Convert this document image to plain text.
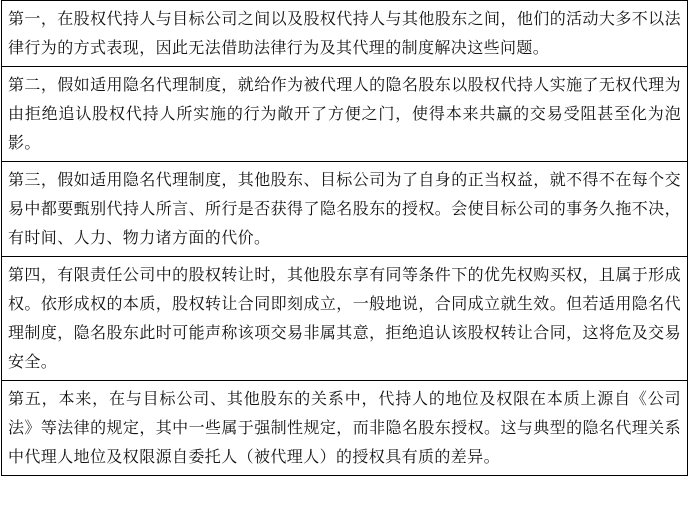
第一，在股权代持人与目标公司之间以及股权代持人与其他股东之间，他们的活动大多不以法律行为的方式表现，因此无法借助法律行为及其代理的制度解决这些问题。

第二，假如适用隐名代理制度，就给作为被代理人的隐名股东以股权代持人实施了无权代理为由拒绝追认股权代持人所实施的行为敞开了方便之门，使得本来共赢的交易受阻甚至化为泡影。

第三，假如适用隐名代理制度，其他股东、目标公司为了自身的正当权益，就不得不在每个交易中都要甄别代持人所言、所行是否获得了隐名股东的授权。会使目标公司的事务久拖不决，有时间、人力、物力诸方面的代价。

第四，有限责任公司中的股权转让时，其他股东享有同等条件下的优先权购买权，且属于形成权。依形成权的本质，股权转让合同即刻成立，一般地说，合同成立就生效。但若适用隐名代理制度，隐名股东此时可能声称该项交易非属其意，拒绝追认该股权转让合同，这将危及交易安全。

第五，本来，在与目标公司、其他股东的关系中，代持人的地位及权限在本质上源自《公司法》等法律的规定，其中一些属于强制性规定，而非隐名股东授权。这与典型的隐名代理关系中代理人地位及权限源自委托人（被代理人）的授权具有质的差异。
